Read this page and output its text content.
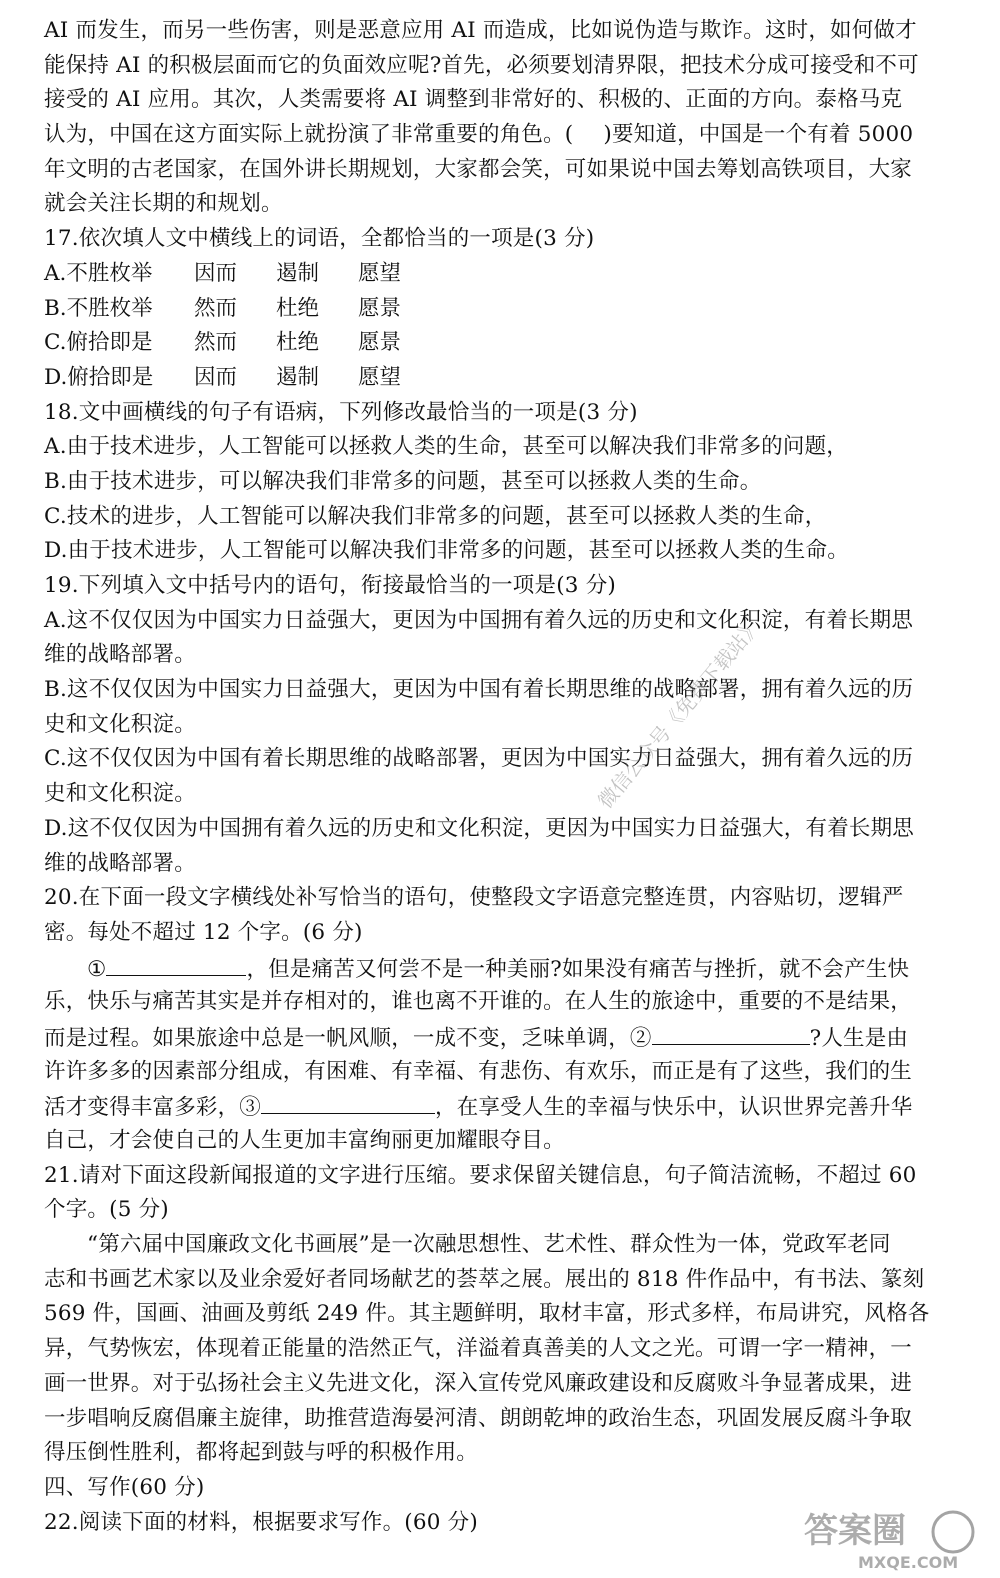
AI 而发生，而另一些伤害，则是恶意应用 AI 而造成，比如说伪造与欺诈。这时，如何做才
能保持 AI 的积极层面而它的负面效应呢?首先，必须要划清界限，把技术分成可接受和不可
接受的 AI 应用。其次，人类需要将 AI 调整到非常好的、积极的、正面的方向。泰格马克
认为，中国在这方面实际上就扮演了非常重要的角色。( )要知道，中国是一个有着 5000
年文明的古老国家，在国外讲长期规划，大家都会笑，可如果说中国去筹划高铁项目，大家
就会关注长期的和规划。
17.依次填人文中横线上的词语，全都恰当的一项是(3 分)
A.不胜枚举	因而	遏制	愿望
B.不胜枚举	然而	杜绝	愿景
C.俯拾即是	然而	杜绝	愿景
D.俯拾即是	因而	遏制	愿望
18.文中画横线的句子有语病，下列修改最恰当的一项是(3 分)
A.由于技术进步，人工智能可以拯救人类的生命，甚至可以解决我们非常多的问题，
B.由于技术进步，可以解决我们非常多的问题，甚至可以拯救人类的生命。
C.技术的进步，人工智能可以解决我们非常多的问题，甚至可以拯救人类的生命，
D.由于技术进步，人工智能可以解决我们非常多的问题，甚至可以拯救人类的生命。
19.下列填入文中括号内的语句，衔接最恰当的一项是(3 分)
A.这不仅仅因为中国实力日益强大，更因为中国拥有着久远的历史和文化积淀，有着长期思
维的战略部署。
B.这不仅仅因为中国实力日益强大，更因为中国有着长期思维的战略部署，拥有着久远的历
史和文化积淀。
C.这不仅仅因为中国有着长期思维的战略部署，更因为中国实力日益强大，拥有着久远的历
史和文化积淀。
D.这不仅仅因为中国拥有着久远的历史和文化积淀，更因为中国实力日益强大，有着长期思
维的战略部署。
20.在下面一段文字横线处补写恰当的语句，使整段文字语意完整连贯，内容贴切，逻辑严
密。每处不超过 12 个字。(6 分)
①	，但是痛苦又何尝不是一种美丽?如果没有痛苦与挫折，就不会产生快
乐，快乐与痛苦其实是并存相对的，谁也离不开谁的。在人生的旅途中，重要的不是结果，
而是过程。如果旅途中总是一帆风顺，一成不变，乏味单调，②	?人生是由
许许多多的因素部分组成，有困难、有幸福、有悲伤、有欢乐，而正是有了这些，我们的生
活才变得丰富多彩，③	，在享受人生的幸福与快乐中，认识世界完善升华
自己，才会使自己的人生更加丰富绚丽更加耀眼夺目。
21.请对下面这段新闻报道的文字进行压缩。要求保留关键信息，句子简洁流畅，不超过 60
个字。(5 分)
“第六届中国廉政文化书画展”是一次融思想性、艺术性、群众性为一体，党政军老同
志和书画艺术家以及业余爱好者同场献艺的荟萃之展。展出的 818 件作品中，有书法、篆刻
569 件，国画、油画及剪纸 249 件。其主题鲜明，取材丰富，形式多样，布局讲究，风格各
异，气势恢宏，体现着正能量的浩然正气，洋溢着真善美的人文之光。可谓一字一精神，一
画一世界。对于弘扬社会主义先进文化，深入宣传党风廉政建设和反腐败斗争显著成果，进
一步唱响反腐倡廉主旋律，助推营造海晏河清、朗朗乾坤的政治生态，巩固发展反腐斗争取
得压倒性胜利，都将起到鼓与呼的积极作用。
四、写作(60 分)
22.阅读下面的材料，根据要求写作。(60 分)
微信公众号《免费下载站》
答案圈
MXQE.COM
